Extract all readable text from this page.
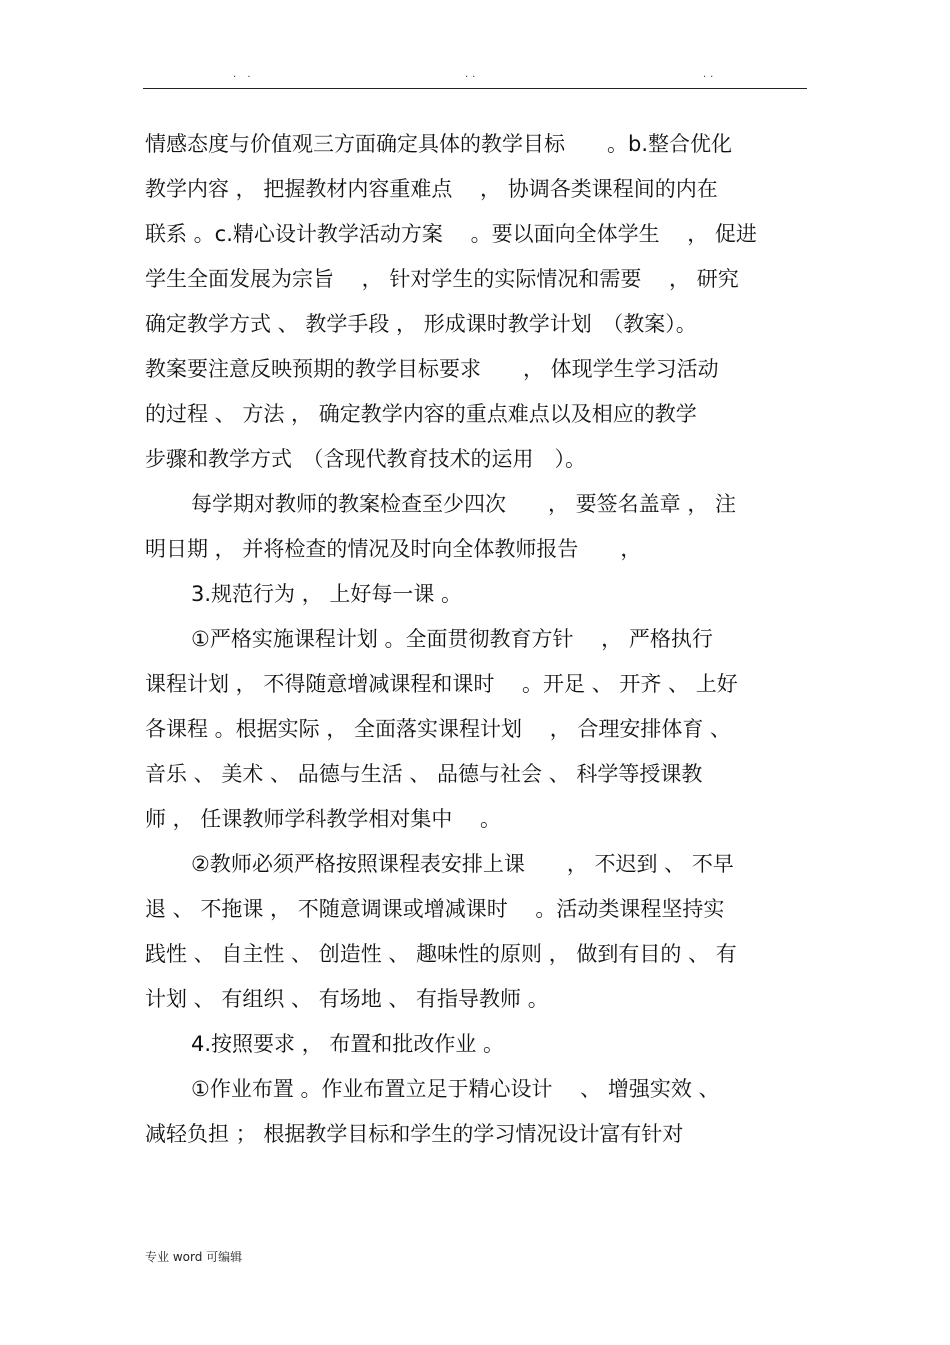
· ·	··	··
情感态度与价值观三方面确定具体的教学目标　　。b.整合优化
教学内容 ， 把握教材内容重难点　 ， 协调各类课程间的内在
联系 。c.精心设计教学活动方案　 。要以面向全体学生　 ， 促进
学生全面发展为宗旨　 ， 针对学生的实际情况和需要　 ， 研究
确定教学方式 、 教学手段 ， 形成课时教学计划　（教案）。
教案要注意反映预期的教学目标要求　　， 体现学生学习活动
的过程 、 方法 ， 确定教学内容的重点难点以及相应的教学
步骤和教学方式　（含现代教育技术的运用　）。
每学期对教师的教案检查至少四次　　， 要签名盖章 ， 注
明日期 ， 并将检查的情况及时向全体教师报告　　，
3.规范行为 ， 上好每一课 。
①严格实施课程计划 。全面贯彻教育方针　 ， 严格执行
课程计划 ， 不得随意增减课程和课时　 。开足 、 开齐 、 上好
各课程 。根据实际 ， 全面落实课程计划　 ， 合理安排体育 、
音乐 、 美术 、 品德与生活 、 品德与社会 、 科学等授课教
师 ， 任课教师学科教学相对集中　 。
②教师必须严格按照课程表安排上课　　， 不迟到 、 不早
退 、 不拖课 ， 不随意调课或增减课时　 。活动类课程坚持实
践性 、 自主性 、 创造性 、 趣味性的原则 ， 做到有目的 、 有
计划 、 有组织 、 有场地 、 有指导教师 。
4.按照要求 ， 布置和批改作业 。
①作业布置 。作业布置立足于精心设计　 、 增强实效 、
减轻负担 ； 根据教学目标和学生的学习情况设计富有针对
专业 word 可编辑
